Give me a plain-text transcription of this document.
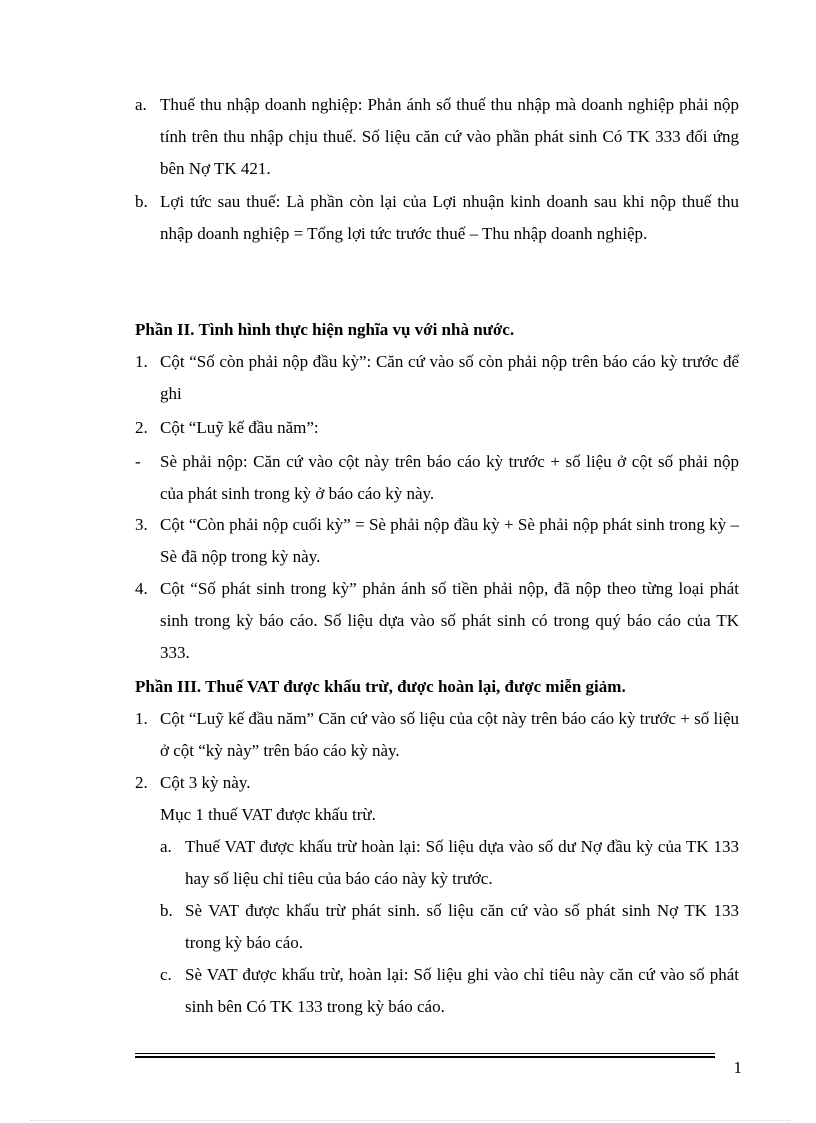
a. Thuế thu nhập doanh nghiệp: Phản ánh số thuế thu nhập mà doanh nghiệp phải nộp tính trên thu nhập chịu thuế. Số liệu căn cứ vào phần phát sinh Có TK 333 đối ứng bên Nợ TK 421.
b. Lợi tức sau thuế: Là phần còn lại của Lợi nhuận kinh doanh sau khi nộp thuế thu nhập doanh nghiệp = Tổng lợi tức trước thuế – Thu nhập doanh nghiệp.
Phần II. Tình hình thực hiện nghĩa vụ với nhà nước.
1. Cột “Số còn phải nộp đầu kỳ”: Căn cứ vào số còn phải nộp trên báo cáo kỳ trước để ghi
2. Cột “Luỹ kế đầu năm”:
-	Sè phải nộp: Căn cứ vào cột này trên báo cáo kỳ trước + số liệu ở cột số phải nộp của phát sinh trong kỳ ở báo cáo kỳ này.
3. Cột “Còn phải nộp cuối kỳ” = Sè phải nộp đầu kỳ + Sè phải nộp phát sinh trong kỳ – Sè đã nộp trong kỳ này.
4. Cột “Số phát sinh trong kỳ” phản ánh số tiền phải nộp, đã nộp theo từng loại phát sinh trong kỳ báo cáo. Số liệu dựa vào số phát sinh có trong quý báo cáo của TK 333.
Phần III. Thuế VAT được khấu trừ, được hoàn lại, được miễn giảm.
1. Cột “Luỹ kế đầu năm” Căn cứ vào số liệu của cột này trên báo cáo kỳ trước + số liệu ở cột “kỳ này” trên báo cáo kỳ này.
2. Cột 3 kỳ này.
Mục 1 thuế VAT được khấu trừ.
a. Thuế VAT được khấu trừ hoàn lại: Số liệu dựa vào số dư Nợ đầu kỳ của TK 133 hay số liệu chỉ tiêu của báo cáo này kỳ trước.
b. Sè VAT được khấu trừ phát sinh. số liệu căn cứ vào số phát sinh Nợ TK 133 trong kỳ báo cáo.
c. Sè VAT được khấu trừ, hoàn lại: Số liệu ghi vào chỉ tiêu này căn cứ vào số phát sinh bên Có TK 133 trong kỳ báo cáo.
1
